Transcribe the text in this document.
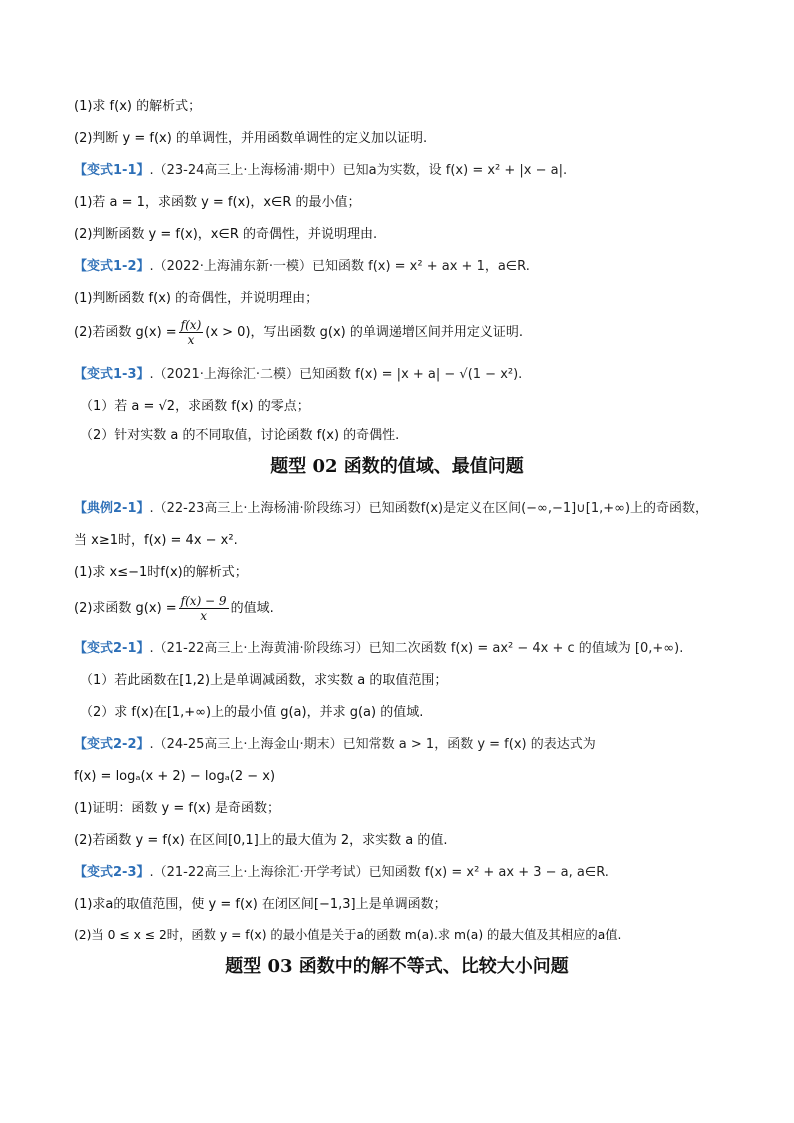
(1)求 f(x) 的解析式；
(2)判断 y = f(x) 的单调性，并用函数单调性的定义加以证明.
【变式1-1】.（23-24高三上·上海杨浦·期中）已知a为实数，设 f(x) = x² + |x − a|.
(1)若 a = 1，求函数 y = f(x)，x∈R 的最小值；
(2)判断函数 y = f(x)，x∈R 的奇偶性，并说明理由.
【变式1-2】.（2022·上海浦东新·一模）已知函数 f(x) = x² + ax + 1，a∈R.
(1)判断函数 f(x) 的奇偶性，并说明理由；
(2)若函数 $g(x) = \frac{f(x)}{x} (x > 0)$，写出函数 g(x) 的单调递增区间并用定义证明.
【变式1-3】.（2021·上海徐汇·二模）已知函数 f(x) = |x + a| − √(1 − x²).
（1）若 a = √2，求函数 f(x) 的零点；
（2）针对实数 a 的不同取值，讨论函数 f(x) 的奇偶性.
题型 02 函数的值域、最值问题
【典例2-1】.（22-23高三上·上海杨浦·阶段练习）已知函数f(x)是定义在区间(−∞,−1]∪[1,+∞)上的奇函数，
当 x≥1时，f(x) = 4x − x².
(1)求 x≤−1时f(x)的解析式；
(2)求函数 $g(x) = \frac{f(x) - 9}{x}$ 的值域.
【变式2-1】.（21-22高三上·上海黄浦·阶段练习）已知二次函数 f(x) = ax² − 4x + c 的值域为 [0,+∞).
（1）若此函数在[1,2)上是单调减函数，求实数 a 的取值范围；
（2）求 f(x)在[1,+∞)上的最小值 g(a)，并求 g(a) 的值域.
【变式2-2】.（24-25高三上·上海金山·期末）已知常数 a > 1，函数 y = f(x) 的表达式为
f(x) = logₐ(x + 2) − logₐ(2 − x)
(1)证明：函数 y = f(x) 是奇函数；
(2)若函数 y = f(x) 在区间[0,1]上的最大值为 2，求实数 a 的值.
【变式2-3】.（21-22高三上·上海徐汇·开学考试）已知函数 f(x) = x² + ax + 3 − a, a∈R.
(1)求a的取值范围，使 y = f(x) 在闭区间[−1,3]上是单调函数；
(2)当 0 ≤ x ≤ 2时，函数 y = f(x) 的最小值是关于a的函数 m(a).求 m(a) 的最大值及其相应的a值.
题型 03 函数中的解不等式、比较大小问题
